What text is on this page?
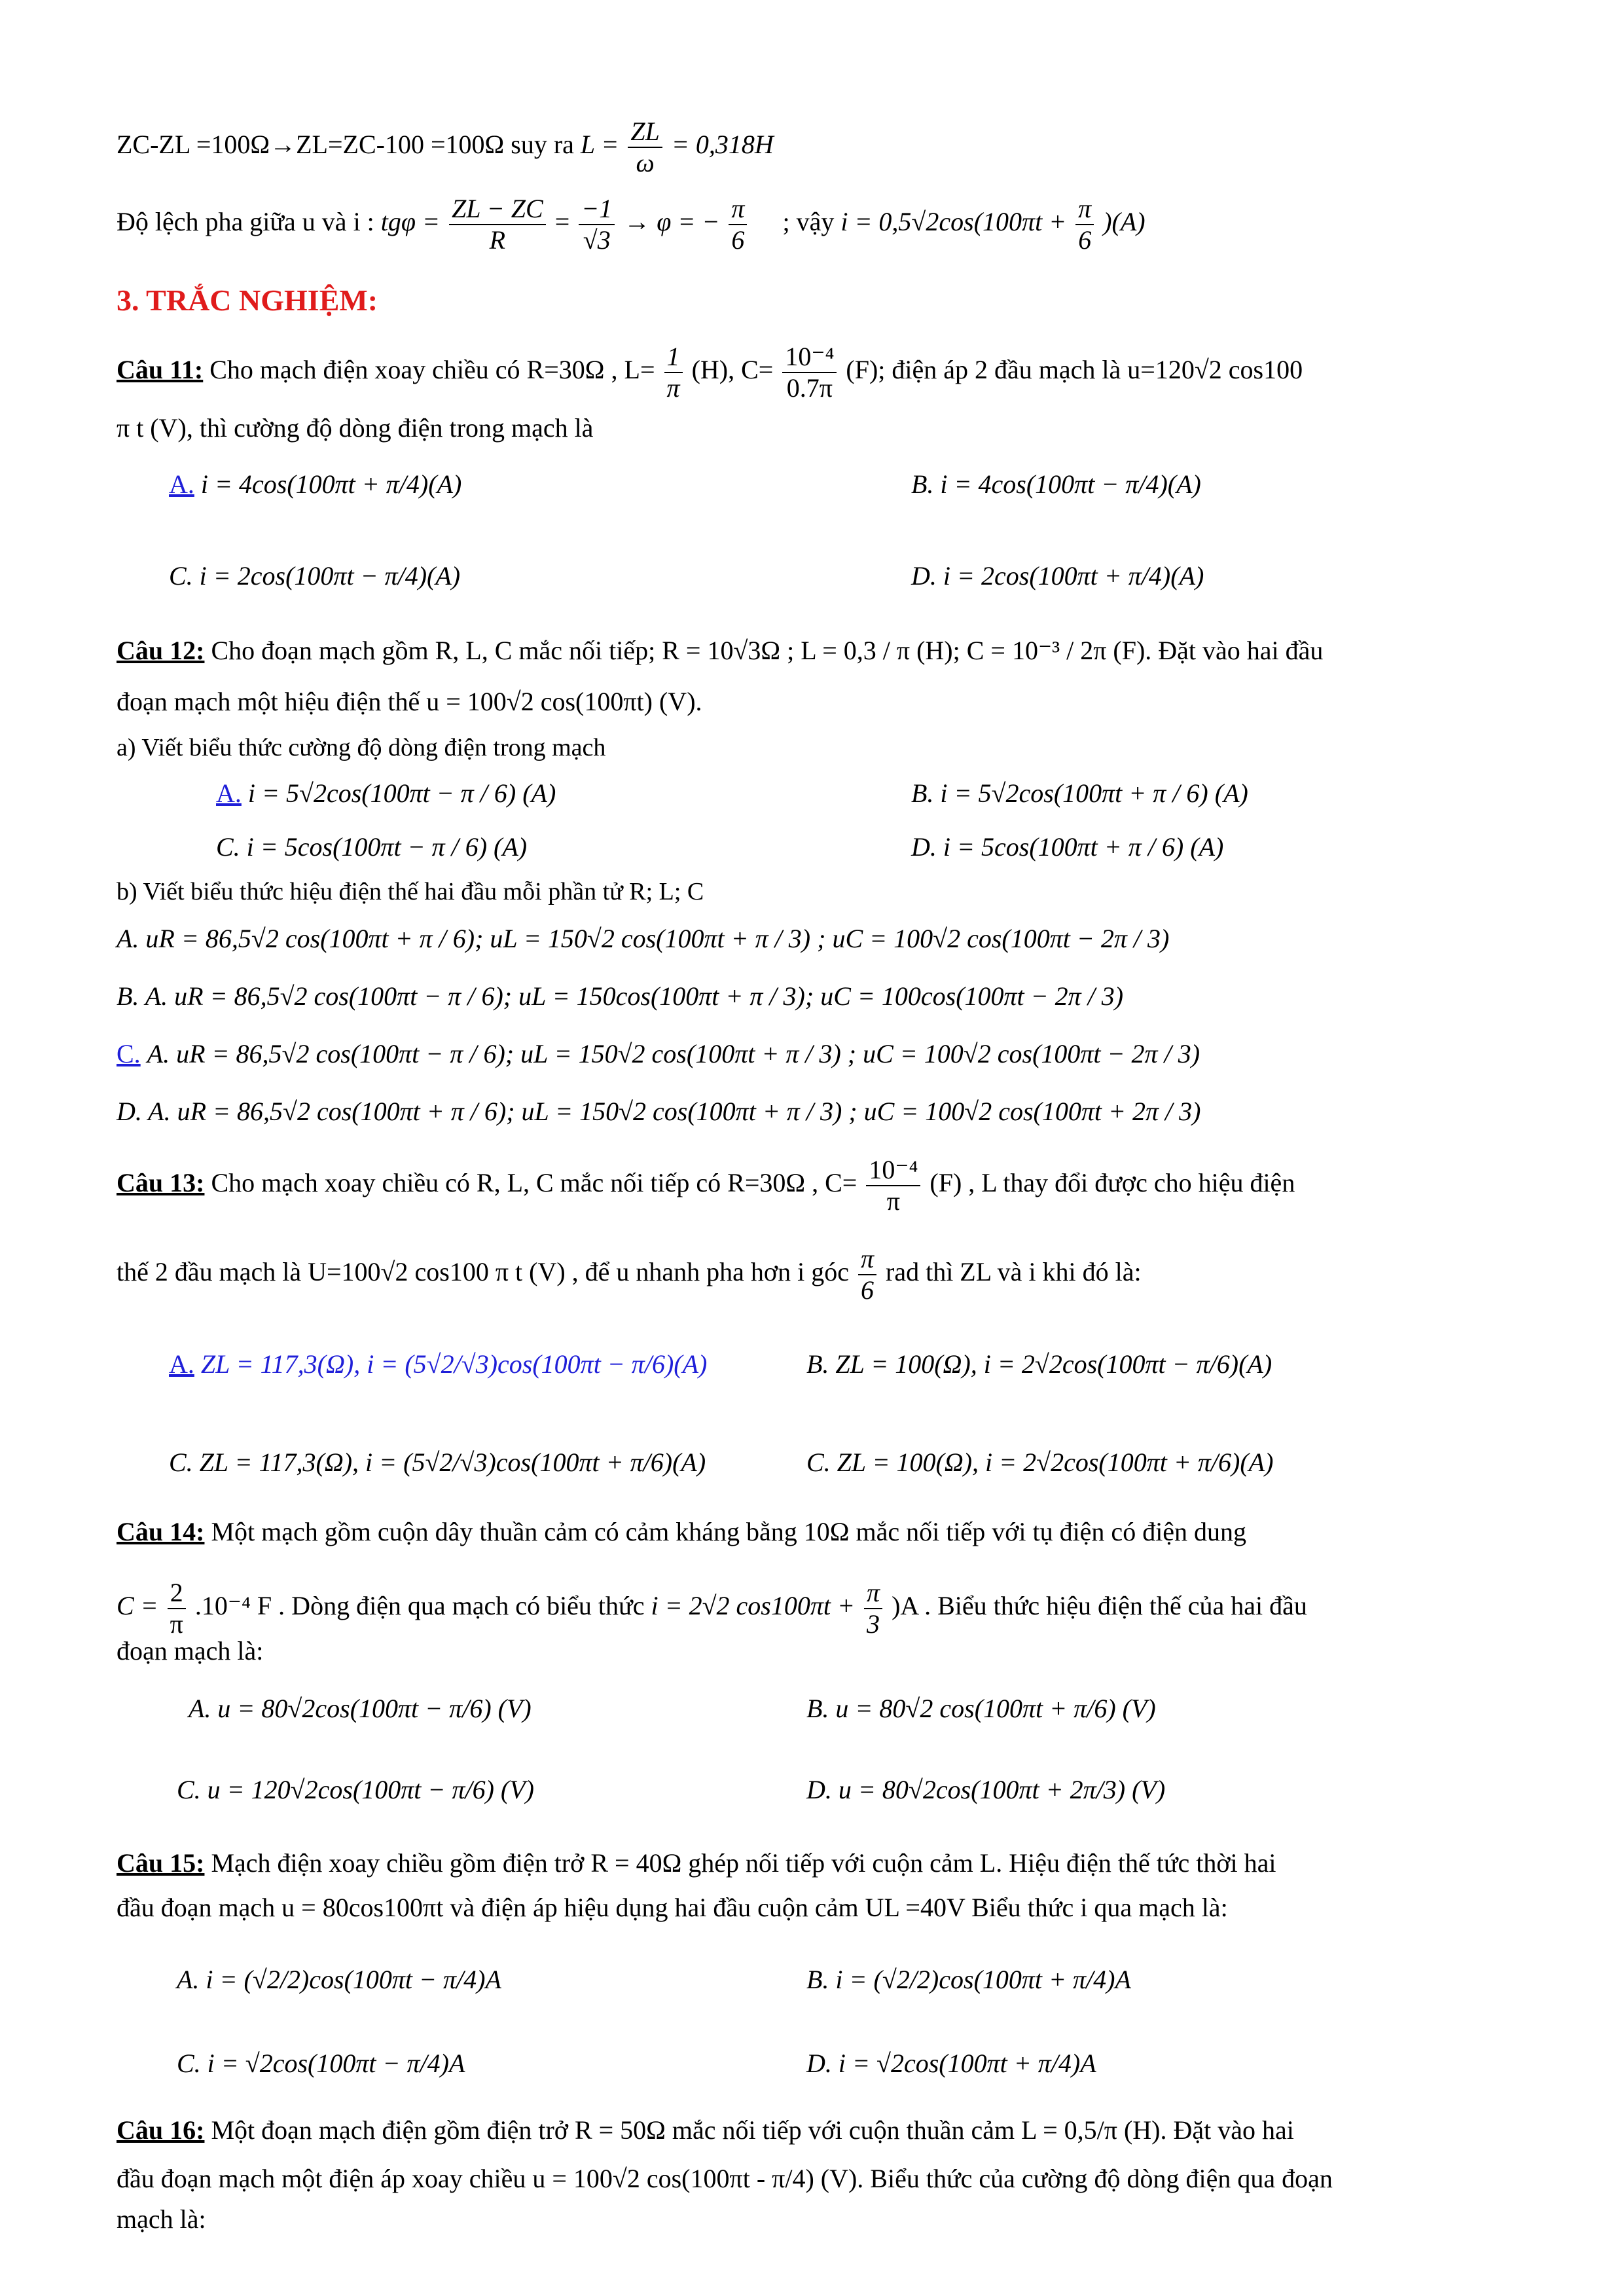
ZC-ZL =100Ω→ZL=ZC-100 =100Ω suy ra $L = \frac{ZL}{\omega} = 0,318H$
Độ lệch pha giữa u và i : $tg\varphi = \frac{ZL - ZC}{R} = \frac{-1}{√3} \to \varphi$ = − $\frac{\pi}{6}$ ; vậy $i = 0,5√2\cos(100\pi t + \frac{\pi}{6} )(A)$
3. TRẮC NGHIỆM:
Câu 11: Cho mạch điện xoay chiều có R=30Ω , $L= \frac{1}{\pi} (H)$, $C= \frac{\text{10⁻⁴}}{0.7\pi} (F)$; điện áp 2 đầu mạch là u=120√2 cos100
π t (V), thì cường độ dòng điện trong mạch là
A. i = 4cos(100πt + π/4)(A)	B. i = 4cos(100πt − π/4)(A)
C. i = 2cos(100πt − π/4)(A)	D. i = 2cos(100πt + π/4)(A)
Câu 12: Cho đoạn mạch gồm R, L, C mắc nối tiếp; R = 10√3Ω ; L = 0,3 / π (H); C = 10⁻³ / 2π (F). Đặt vào hai đầu
đoạn mạch một hiệu điện thế u = 100√2 cos(100πt) (V).
a) Viết biểu thức cường độ dòng điện trong mạch
A. i = 5√2cos(100πt − π / 6) (A)	B. i = 5√2cos(100πt + π / 6) (A)
C. i = 5cos(100πt − π / 6) (A)	D. i = 5cos(100πt + π / 6) (A)
b) Viết biểu thức hiệu điện thế hai đầu mỗi phần tử R; L; C
A. uR = 86,5√2 cos(100πt + π / 6); uL = 150√2 cos(100πt + π / 3) ; uC = 100√2 cos(100πt − 2π / 3)
B. A. uR = 86,5√2 cos(100πt − π / 6); uL = 150cos(100πt + π / 3); uC = 100cos(100πt − 2π / 3)
C. A. uR = 86,5√2 cos(100πt − π / 6); uL = 150√2 cos(100πt + π / 3) ; uC = 100√2 cos(100πt − 2π / 3)
D. A. uR = 86,5√2 cos(100πt + π / 6); uL = 150√2 cos(100πt + π / 3) ; uC = 100√2 cos(100πt + 2π / 3)
Câu 13: Cho mạch xoay chiều có R, L, C mắc nối tiếp có R=30Ω , $C= \frac{\text{10⁻⁴}}{\pi} (F)$ , L thay đổi được cho hiệu điện
thế 2 đầu mạch là U=100√2 cos100 π t (V) , để u nhanh pha hơn i góc $\frac{\pi}{6}$ rad thì ZL và i khi đó là:
A. ZL = 117,3(Ω), i = (5√2/√3)cos(100πt − π/6)(A)	B. ZL = 100(Ω), i = 2√2cos(100πt − π/6)(A)
C. ZL = 117,3(Ω), i = (5√2/√3)cos(100πt + π/6)(A)	C. ZL = 100(Ω), i = 2√2cos(100πt + π/6)(A)
Câu 14: Một mạch gồm cuộn dây thuần cảm có cảm kháng bằng 10Ω mắc nối tiếp với tụ điện có điện dung
$C = \frac{2}{\pi} .10^{-4}$ F . Dòng điện qua mạch có biểu thức i = 2√2 $\cos 100\pi t + \frac{\pi}{3} )A$ . Biểu thức hiệu điện thế của hai đầu
đoạn mạch là:
A. u = 80√2cos(100πt − π/6) (V)	B. u = 80√2 cos(100πt + π/6) (V)
C. u = 120√2cos(100πt − π/6) (V)	D. u = 80√2cos(100πt + 2π/3) (V)
Câu 15: Mạch điện xoay chiều gồm điện trở R = 40Ω ghép nối tiếp với cuộn cảm L. Hiệu điện thế tức thời hai
đầu đoạn mạch u = 80cos100πt và điện áp hiệu dụng hai đầu cuộn cảm UL =40V Biểu thức i qua mạch là:
A. i = (√2/2)cos(100πt − π/4)A	B. i = (√2/2)cos(100πt + π/4)A
C. i = √2cos(100πt − π/4)A	D. i = √2cos(100πt + π/4)A
Câu 16: Một đoạn mạch điện gồm điện trở R = 50Ω mắc nối tiếp với cuộn thuần cảm L = 0,5/π (H). Đặt vào hai
đầu đoạn mạch một điện áp xoay chiều u = 100√2 cos(100πt - π/4) (V). Biểu thức của cường độ dòng điện qua đoạn
mạch là:
